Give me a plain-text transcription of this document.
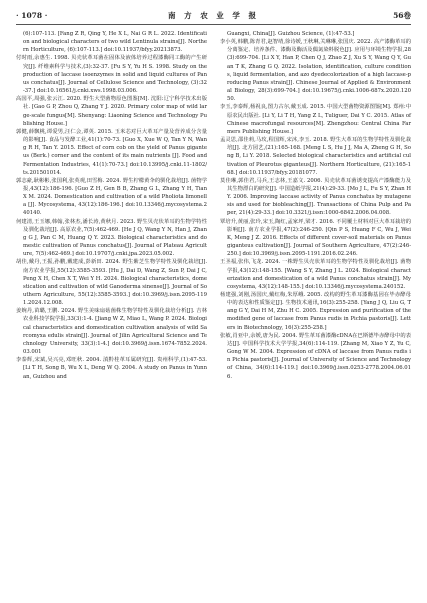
· 1078 ·	南 方 农 业 学 报	56卷

(6):107-113. [Fang Z R, Qing Y, He X L, Nai G R L. 2022. Identification and biological characters of two wild Lentinula strains[J]. Northern Horticulture, (6):107-113.] doi:10.11937/bfyy.20213873.

付时雨,余惠生. 1998. 贝壳状革耳菌在固体及液体培养过程漆酶同工酶的产生研究[J]. 纤维素科学与技术,(3):32-37. [Fu S Y, Yu H S. 1998. Study on the production of laccase isoenzymes in solid and liquid cultures of Panus conchatus[J]. Journal of Cellulose Science and Technology, (3):32-37.] doi:10.16561/j.cnki.xws.1998.03.006.

高国平,周强,张云江. 2020. 野生大型菌物原色图鉴[M]. 沈阳:辽宁科学技术出版社. [Gao G P, Zhou Q, Zhang Y J. 2020. Primary color map of wild large-scale fungus[M]. Shenyang: Liaoning Science and Technology Publishing House.]

郭健,薛飘桃,谭爱男,汪仁会,谭英. 2015. 玉米芯对巨大革耳产量及营养成分含量的影响[J]. 食品与发酵工业,41(1):70-73. [Guo X, Xue W Q, Tan Y N, Wang R H, Tan Y. 2015. Effect of corn cob on the yield of Panus giganteus (Berk.) corner and the content of its main nutrients [J]. Food and Fermentation Industries, 41(1):70-73.] doi:10.13995/j.cnki.11-1802/ts.201501014.

郭志豪,耿彬彬,张国利,张英观,田雪梅. 2024. 野生柠檬黄伞的驯化栽培[J]. 菌物学报,43(12):186-196. [Guo Z H, Gen B B, Zhang G L, Zhang Y H, Tian X M. 2024. Domestication and cultivation of a wild Pholiota limonella [J]. Mycosystema, 43(12):186-196.] doi:10.13346/j.mycosystema.240140.

何建清,王玉娜,韩翰,张林杰,潘长涛,黄秋月. 2023. 野生贝壳状革耳的生物学特性及驯化栽培[J]. 高原农业,7(5):462-469. [He J Q, Wang Y N, Han J, Zhang G J, Pan C M, Huang Q Y. 2023. Biological characteristics and domestic cultivation of Panus conchatus[J]. Journal of Plateau Agriculture, 7(5):462-469.] doi:10.19707/j.cnki.jpa.2023.05.002.

胡佳,戴丹,王振,孙鹏,戴建成,彭新田. 2024. 野生紫芝生物学特性及驯化栽培[J]. 南方农业学报,55(12):3585-3593. [Hu J, Dai D, Wang Z, Sun P, Dai J C, Peng X H, Chen X T, Wei Y H. 2024. Biological characteristics, domestication and cultivation of wild Ganoderma sinense[J]. Journal of Southern Agriculture, 55(12):3585-3593.] doi:10.3969/j.issn.2095-1191.2024.12.008.

姜婉丹,苗璐,王鹏. 2024. 野生美味扇菇菌株生物学特性及驯化栽培分析[J]. 吉林农业科技学院学报,33(3):1-4. [Jiang W Z, Miao L, Wang P. 2024. Biological characteristics and domestication cultivation analysis of wild Sarcomyxa edulis strain[J]. Journal of Jilin Agricultural Science and Technology University, 33(3):1-4.] doi:10.3969/j.issn.1674-7852.2024.03.001

李泰辉,宋斌,吴兴亮,邓旺秋. 2004. 滇黔桂革耳属研究[J]. 贵州科学,(1):47-53. [Li T H, Song B, Wu X L, Deng W Q. 2004. A study on Panus in Yunnan, Guizhou and

Guangxi, China[J]. Guizhou Science, (1):47-53.]

李小英,韩鹏,陈青君,赵智靖,徐诗媛,王秋琳,关琳琳,张国庆. 2022. 高产漆酶革耳的分离鉴定、培养条件、漆酶及酶活及偶氮染料脱色[J]. 应用与环境生物学报,28(3):699-704. [Li X Y, Han P, Chen Q J, Zhao Z J, Xu S Y, Wang Q Y, Guan T K, Zhang G Q. 2022. Isolation, identification, culture conditions, liquid fermentation, and azo dyedecolorization of a high laccase-producing Panus strain[J]. Chinese Journal of Applied & Environmental Biology, 28(3):699-704.] doi:10.19675/j.cnki.1006-687x.2020.12050.

李玉,李泰辉,杨祝良,图力古尔,戴玉成. 2015. 中国大型菌物资源图鉴[M]. 郑州:中原农民出版社. [Li Y, Li T H, Yang Z L, Tuliguer, Dai Y C. 2015. Atlas of Chinese macrofungal resources[M]. Zhengzhou: Central China Farmers Publishing House.]

孟灵思,邵佳莉,马玫,程国辉,宋沐,李玉. 2018. 野生大革耳的生物学特性及驯化栽培[J]. 北方园艺,(21):165-168. [Meng L S, Hu J J, Ma A, Zheng G H, Song B, Li Y. 2018. Selected biological characteristics and artificial cultivation of Pleurotus giganteus[J]. Northern Horticulture, (21):165-168.] doi:10.11937/bfyy.20181077.

莫佳琳,郭佳君,马兵,王志林,王嘉文. 2006. 贝壳状革耳菌诱变提高产漆酶能力及其生物漂白的研究[J]. 中国造纸学报,21(4):29-33. [Mo J L, Fu S Y, Zhan H Y. 2006. Improving laccase activity of Panus conchatus by mutagenesis and used for biobleaching[J]. Transactions of China Pulp and Paper, 21(4):29-33.] doi:10.3321/j.issn:1000-6842.2006.04.008.

覃培升,黄丽,张玲,宋玉,陶红,孟家坪,梁才. 2016. 不同覆土材料对巨大革耳栽培的影响[J]. 南方农业学报,47(2):246-250. [Qin P S, Huang F C, Wu J, Wei K, Meng J Z. 2016. Effects of different cover-soil materials on Panus giganteus cultivation[J]. Journal of Southern Agriculture, 47(2):246-250.] doi:10.3969/j.issn.2095-1191.2016.02.246.

王圣福,张伟,飞龙. 2024. 一株野生贝壳状革耳的生物学特性及驯化栽培[J]. 菌物学报,43(12):148-155. [Wang S Y, Zhang J L. 2024. Biological characterization and domestication of a wild Panus conchatus strain[J]. Mycosystema, 43(12):148-155.] doi:10.13346/j.mycosystema.240152.

杨建强,刘刚,汤国庆,戴红梅,朱厚峨. 2005. 改构的野生革耳漆酶基因在毕赤酵母中的表达和性质鉴定[J]. 生物技术通讯,16(3):255-258. [Yang J Q, Liu G, Tang G Y, Dai H M, Zhu H C. 2005. Expression and purification of the modified gene of laccase from Panus rudis in Pichia pastoris[J]. Letters in Biotechnology, 16(3):255-258.]

张敏,肖亚中,余媛,唐为民. 2004. 野生革耳菌漆酶cDNA在巴斯德毕赤酵母中的表达[J]. 中国科学技术大学学报,34(6):114-119. [Zhang M, Xiao Y Z, Yu C, Gong W M. 2004. Expression of cDNA of laccase from Panus rudis in Pichia pastoris[J]. Journal of University of Science and Technology of China, 34(6):114-119.] doi:10.3969/j.issn.0253-2778.2004.06.016.
